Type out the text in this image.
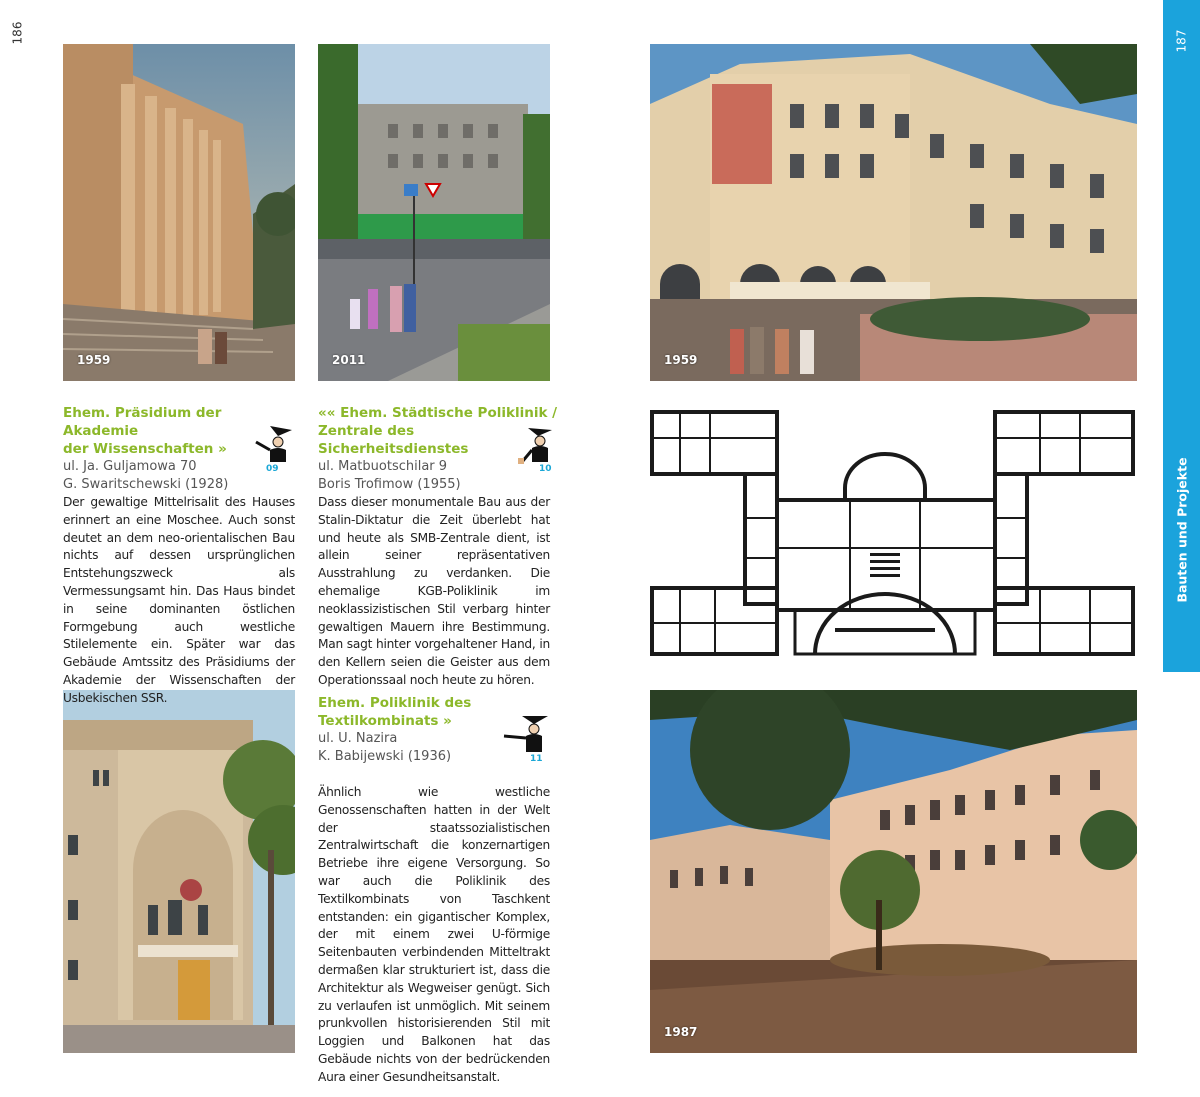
186	187
Bauten und Projekte
1959	2011	1959
1987
Ehem. Präsidium der Akademie
der Wissenschaften »
ul. Ja. Guljamowa 70
G. Swaritschewski (1928)
09
Der gewaltige Mittelrisalit des Hauses erinnert an eine Moschee. Auch sonst deutet an dem neo-orientalischen Bau nichts auf dessen ursprünglichen Entstehungszweck als Vermessungsamt hin. Das Haus bindet in seine dominanten östlichen Formgebung auch westliche Stilelemente ein. Später war das Gebäude Amtssitz des Präsidiums der Akademie der Wissenschaften der Usbekischen SSR.
«« Ehem. Städtische Poliklinik /
Zentrale des Sicherheitsdienstes
ul. Matbuotschilar 9
Boris Trofimow (1955)
10
Dass dieser monumentale Bau aus der Stalin-Diktatur die Zeit überlebt hat und heute als SMB-Zentrale dient, ist allein seiner repräsentativen Ausstrahlung zu verdanken. Die ehemalige KGB-Poliklinik im neoklassizistischen Stil verbarg hinter gewaltigen Mauern ihre Bestimmung. Man sagt hinter vorgehaltener Hand, in den Kellern seien die Geister aus dem Operationssaal noch heute zu hören.
Ehem. Poliklinik des
Textilkombinats »
ul. U. Nazira
K. Babijewski (1936)	11
Ähnlich wie westliche Genossenschaften hatten in der Welt der staatssozialistischen Zentralwirtschaft die konzernartigen Betriebe ihre eigene Versorgung. So war auch die Poliklinik des Textilkombinats von Taschkent entstanden: ein gigantischer Komplex, der mit einem zwei U-förmige Seitenbauten verbindenden Mitteltrakt dermaßen klar strukturiert ist, dass die Architektur als Wegweiser genügt. Sich zu verlaufen ist unmöglich. Mit seinem prunkvollen historisierenden Stil mit Loggien und Balkonen hat das Gebäude nichts von der bedrückenden Aura einer Gesundheitsanstalt.
